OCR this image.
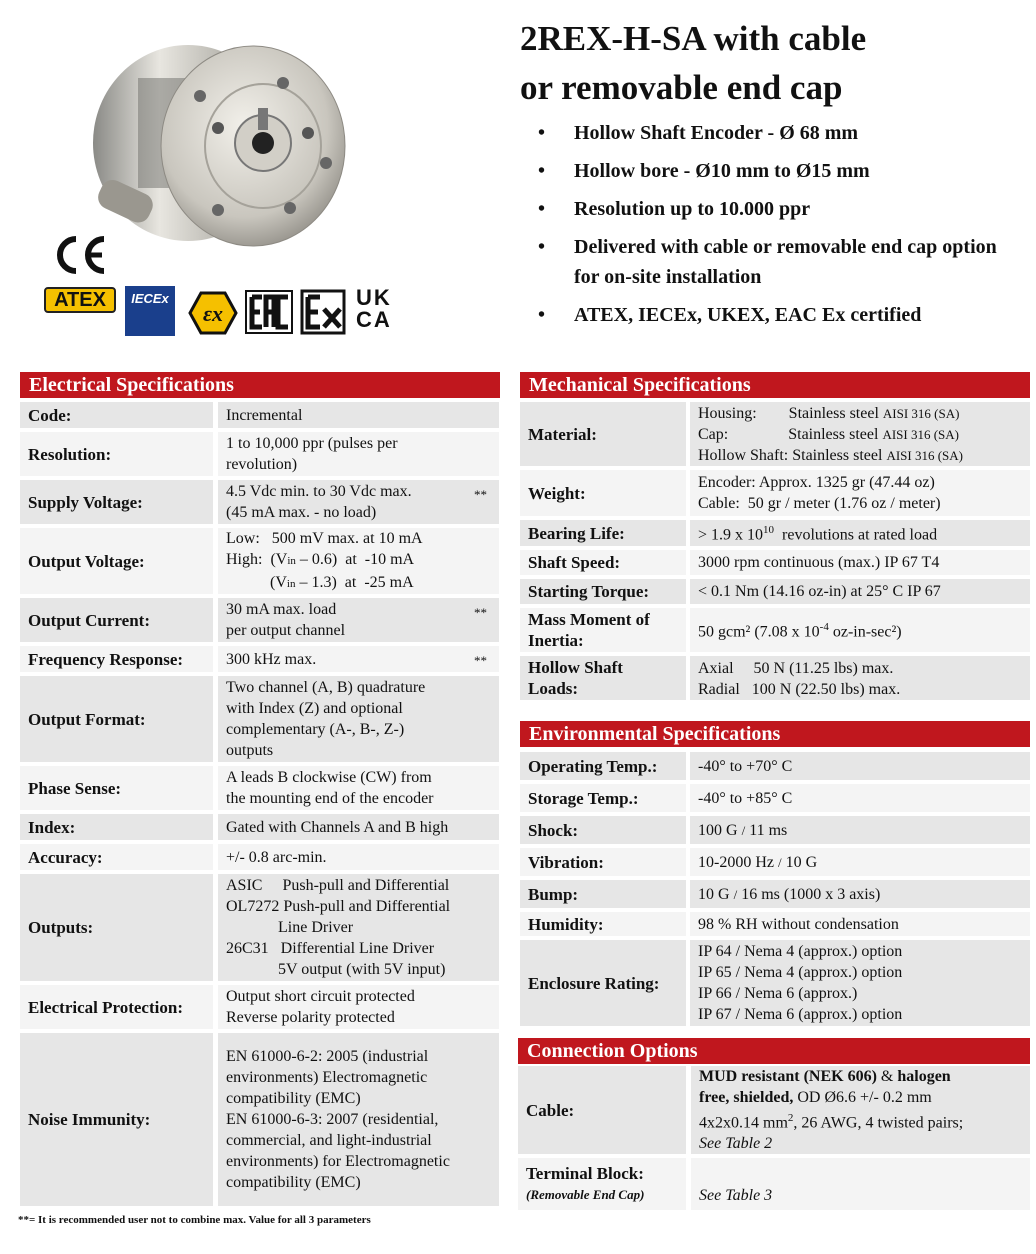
ATEX	IECEx
εx
UK
CA
2REX-H-SA with cable
or removable end cap
• Hollow Shaft Encoder - Ø 68 mm
• Hollow bore - Ø10 mm to Ø15 mm
• Resolution up to 10.000 ppr
• Delivered with cable or removable end cap option for on-site installation
• ATEX, IECEx, UKEX, EAC Ex certified
Electrical Specifications
Code:	Incremental
Resolution:
1 to 10,000 ppr (pulses per
revolution)
Supply Voltage:	**
4.5 Vdc min. to 30 Vdc max.
(45 mA max. - no load)
Output Voltage:
Low:   500 mV max. at 10 mA
High:  (Vin – 0.6)  at  -10 mA
(Vin – 1.3)  at  -25 mA
Output Current:	**
30 mA max. load
per output channel
Frequency Response:	**
300 kHz max.
Output Format:
Two channel (A, B) quadrature
with Index (Z) and optional
complementary (A-, B-, Z-)
outputs
Phase Sense:
A leads B clockwise (CW) from
the mounting end of the encoder
Index:	Gated with Channels A and B high
Accuracy:	+/- 0.8 arc-min.
Outputs:
ASIC     Push-pull and Differential
OL7272 Push-pull and Differential
Line Driver
26C31   Differential Line Driver
5V output (with 5V input)
Electrical Protection:
Output short circuit protected
Reverse polarity protected
Noise Immunity:
EN 61000-6-2: 2005 (industrial
environments) Electromagnetic
compatibility (EMC)
EN 61000-6-3: 2007 (residential,
commercial, and light-industrial
environments) for Electromagnetic
compatibility (EMC)
Mechanical Specifications
Material:
Housing:        Stainless steel AISI 316 (SA)
Cap:               Stainless steel AISI 316 (SA)
Hollow Shaft: Stainless steel AISI 316 (SA)
Weight:
Encoder: Approx. 1325 gr (47.44 oz)
Cable:  50 gr / meter (1.76 oz / meter)
Bearing Life:	> 1.9 x $10^{10}$  revolutions at rated load
Shaft Speed:	3000 rpm continuous (max.) IP 67 T4
Starting Torque:	< 0.1 Nm (14.16 oz-in) at 25° C IP 67
Mass Moment of
Inertia:	50 gcm² (7.08 x $10^{-4}$ oz-in-sec²)
Hollow Shaft
Loads:
Axial     50 N (11.25 lbs) max.
Radial   100 N (22.50 lbs) max.
Environmental Specifications
Operating Temp.:	-40° to +70° C
Storage Temp.:	-40° to +85° C
Shock:	100 G / 11 ms
Vibration:	10-2000 Hz / 10 G
Bump:	10 G / 16 ms (1000 x 3 axis)
Humidity:	98 % RH without condensation
Enclosure Rating:
IP 64 / Nema 4 (approx.) option
IP 65 / Nema 4 (approx.) option
IP 66 / Nema 6 (approx.)
IP 67 / Nema 6 (approx.) option
Connection Options
Cable:
MUD resistant (NEK 606) & halogen
free, shielded, OD Ø6.6 +/- 0.2 mm
4x2x0.14 $mm^2$, 26 AWG, 4 twisted pairs;
See Table 2
Terminal Block:
(Removable End Cap)	See Table 3
**= It is recommended user not to combine max. Value for all 3 parameters
